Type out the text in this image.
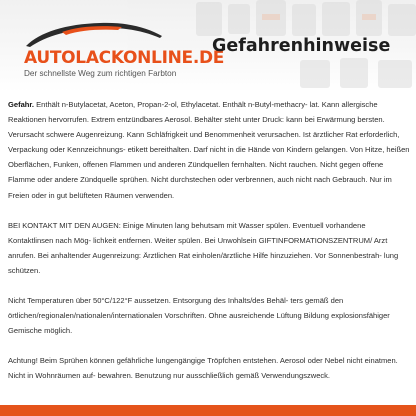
AUTOLACKONLINE.DE

Der schnellste Weg zum richtigen Farbton

Gefahrenhinweise

Gefahr. Enthält n-Butylacetat, Aceton, Propan-2-ol, Ethylacetat. Enthält n-Butyl-methacry- lat. Kann allergische Reaktionen hervorrufen. Extrem entzündbares Aerosol. Behälter steht unter Druck: kann bei Erwärmung bersten. Verursacht schwere Augenreizung. Kann Schläfrigkeit und Benommenheit verursachen. Ist ärztlicher Rat erforderlich, Verpackung oder Kennzeichnungs- etikett bereithalten. Darf nicht in die Hände von Kindern gelangen. Von Hitze, heißen Oberflächen, Funken, offenen Flammen und anderen Zündquellen fernhalten. Nicht rauchen. Nicht gegen offene Flamme oder andere Zündquelle sprühen. Nicht durchstechen oder verbrennen, auch nicht nach Gebrauch. Nur im Freien oder in gut belüfteten Räumen verwenden.

BEI KONTAKT MIT DEN AUGEN: Einige Minuten lang behutsam mit Wasser spülen. Eventuell vorhandene Kontaktlinsen nach Mög- lichkeit entfernen. Weiter spülen. Bei Unwohlsein GIFTINFORMATIONSZENTRUM/ Arzt anrufen. Bei anhaltender Augenreizung: Ärztlichen Rat einholen/ärztliche Hilfe hinzuziehen. Vor Sonnenbestrah- lung schützen.

Nicht Temperaturen über 50°C/122°F aussetzen. Entsorgung des Inhalts/des Behäl- ters gemäß den örtlichen/regionalen/nationalen/internationalen Vorschriften. Ohne ausreichende Lüftung Bildung explosionsfähiger Gemische möglich.

Achtung! Beim Sprühen können gefährliche lungengängige Tröpfchen entstehen. Aerosol oder Nebel nicht einatmen. Nicht in Wohnräumen auf- bewahren. Benutzung nur ausschließlich gemäß Verwendungszweck.
